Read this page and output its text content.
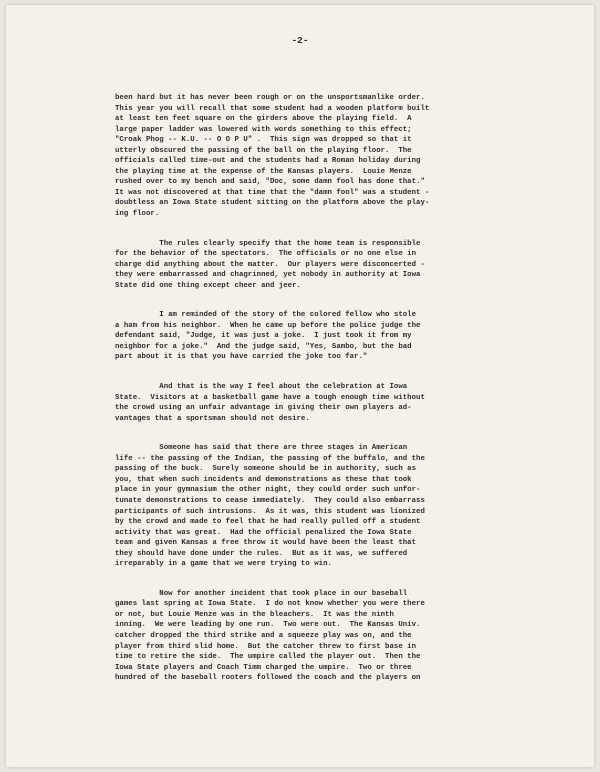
-2-
been hard but it has never been rough or on the unsportsmanlike order.
This year you will recall that some student had a wooden platform built
at least ten feet square on the girders above the playing field.  A
large paper ladder was lowered with words something to this effect;
"Croak Phog -- K.U. -- O O P U" .  This sign was dropped so that it
utterly obscured the passing of the ball on the playing floor.  The
officials called time-out and the students had a Roman holiday during
the playing time at the expense of the Kansas players.  Louie Menze
rushed over to my bench and said, "Doc, some damn fool has done that."
It was not discovered at that time that the "damn fool" was a student -
doubtless an Iowa State student sitting on the platform above the play-
ing floor.
The rules clearly specify that the home team is responsible
for the behavior of the spectators.  The officials or no one else in
charge did anything about the matter.  Our players were disconcerted -
they were embarrassed and chagrinned, yet nobody in authority at Iowa
State did one thing except cheer and jeer.
I am reminded of the story of the colored fellow who stole
a ham from his neighbor.  When he came up before the police judge the
defendant said, "Judge, it was just a joke.  I just took it from my
neighbor for a joke."  And the judge said, "Yes, Sambo, but the bad
part about it is that you have carried the joke too far."
And that is the way I feel about the celebration at Iowa
State.  Visitors at a basketball game have a tough enough time without
the crowd using an unfair advantage in giving their own players ad-
vantages that a sportsman should not desire.
Someone has said that there are three stages in American
life -- the passing of the Indian, the passing of the buffalo, and the
passing of the buck.  Surely someone should be in authority, such as
you, that when such incidents and demonstrations as these that took
place in your gymnasium the other night, they could order such unfor-
tunate demonstrations to cease immediately.  They could also embarrass
participants of such intrusions.  As it was, this student was lionized
by the crowd and made to feel that he had really pulled off a student
activity that was great.  Had the official penalized the Iowa State
team and given Kansas a free throw it would have been the least that
they should have done under the rules.  But as it was, we suffered
irreparably in a game that we were trying to win.
Now for another incident that took place in our baseball
games last spring at Iowa State.  I do not know whether you were there
or not, but Louie Menze was in the bleachers.  It was the ninth
inning.  We were leading by one run.  Two were out.  The Kansas Univ.
catcher dropped the third strike and a squeeze play was on, and the
player from third slid home.  But the catcher threw to first base in
time to retire the side.  The umpire called the player out.  Then the
Iowa State players and Coach Timm charged the umpire.  Two or three
hundred of the baseball rooters followed the coach and the players on
